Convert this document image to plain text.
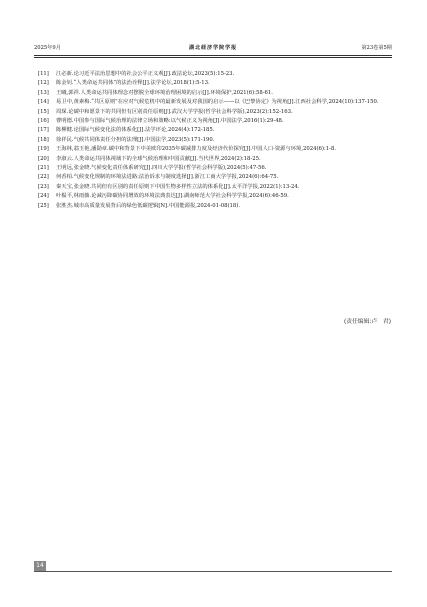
2025年9月	湖北経济学院学报	第23卷第5期
[11] 江必新.论习近平法治思想中的社会公平正义观[J].政法论坛,2023(5):15-23.
[12] 陈金钊.“人类命运共同体”的法治诠释[J].法学论坛,2018(1):5-13.
[13] 王曦,郭祥.人类命运共同体理念对摆脱全球环境治理困境的启示[J].环境保护,2021(6):58-61.
[14] 易卫中,黄素梅.“共区原则”在应对气候危机中的最新发展及对我国的启示——以《巴黎协定》为视角[J].江西社会科学,2024(10):137-150.
[15] 周琛.论碳中和愿景下的共同但有区别责任原则[J].武汉大学学报(哲学社会科学版),2023(2):152-163.
[16] 曹明德.中国参与国际气候治理的法律立场和策略:以气候正义为视角[J].中国法学,2016(1):29-48.
[17] 陈柳健.论国际气候变化法的体系化[J].法学评论,2024(4):172-185.
[18] 徐祥民.气候共同体责任分担的法理[J].中国法学,2023(5):171-190.
[19] 王海林,翁玉艳,潘勋章.碳中和背景下中美欧印2035年碳减排力度及经济代价探究[J].中国人口·资源与环境,2024(6):1-8.
[20] 李淑云.人类命运共同体视域下的全球气候治理和中国贡献[J].当代世界,2024(2):18-25.
[21] 王明远,张金晓.气候变化责任体系研究[J].四川大学学报(哲学社会科学版),2024(5):47-56.
[22] 何香柏.气候变化规制的环境法进路:法治诉求与制度选择[J].浙江工商大学学报,2024(6):64-75.
[23] 秦天宝,张金晓.共同但有区别的责任原则下中国生物多样性立法的体系化[J].太平洋学报,2022(1):13-24.
[24] 叶榅平,林雨薇.论减污降碳协同增效的环境法典表达[J].湖南师范大学社会科学学报,2024(6):46-59.
[25] 张胜杰.城市高质量发展背后的绿色低碳逻辑[N].中国能源报,2024-01-08(18).
(责任编辑:卢　君)
14
